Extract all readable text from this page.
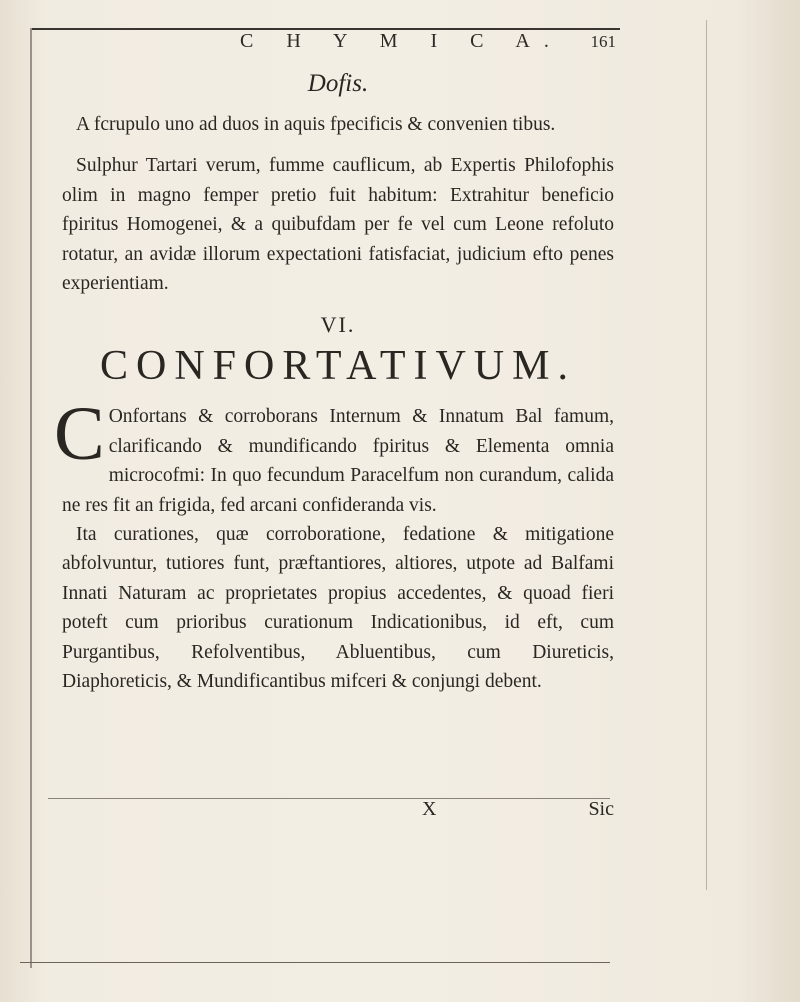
C H Y M I C A. 161
Dofis.

A fcrupulo uno ad duos in aquis fpecificis & convenien tibus.

Sulphur Tartari verum, fumme cauflicum, ab Expertis Philofophis olim in magno femper pretio fuit habitum: Extrahitur beneficio fpiritus Homogenei, & a quibufdam per fe vel cum Leone refoluto rotatur, an avidæ illorum expectationi fatisfaciat, judicium efto penes experientiam.

VI.
CONFORTATIVUM.
C Onfortans & corroborans Internum & Innatum Bal famum, clarificando & mundificando fpiritus & Elementa omnia microcofmi: In quo fecundum Paracelfum non curandum, calida ne res fit an frigida, fed arcani confideranda vis.

Ita curationes, quæ corroboratione, fedatione & mitigatione abfolvuntur, tutiores funt, præftantiores, altiores, utpote ad Balfami Innati Naturam ac proprietates propius accedentes, & quoad fieri poteft cum prioribus curationum Indicationibus, id eft, cum Purgantibus, Refolventibus, Abluentibus, cum Diureticis, Diaphoreticis, & Mundificantibus mifceri & conjungi debent.

X	Sic
